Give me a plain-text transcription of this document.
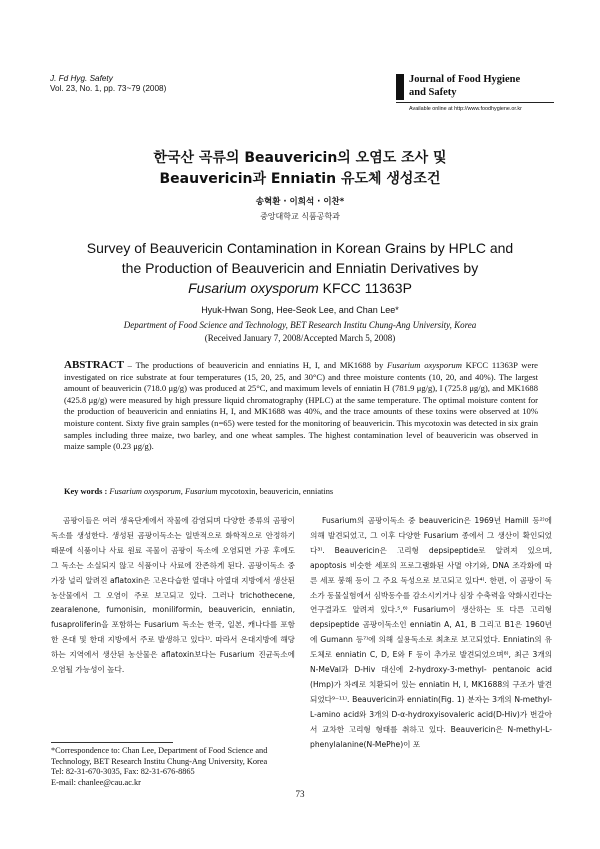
J. Fd Hyg. Safety
Vol. 23, No. 1, pp. 73~79 (2008)
Journal of Food Hygiene
and Safety
Available online at http://www.foodhygiene.or.kr
한국산 곡류의 Beauvericin의 오염도 조사 및
Beauvericin과 Enniatin 유도체 생성조건
송혁환 · 이희석 · 이찬*
중앙대학교 식품공학과
Survey of Beauvericin Contamination in Korean Grains by HPLC and
the Production of Beauvericin and Enniatin Derivatives by
Fusarium oxysporum KFCC 11363P
Hyuk-Hwan Song, Hee-Seok Lee, and Chan Lee*
Department of Food Science and Technology, BET Research Institu Chung-Ang University, Korea
(Received January 7, 2008/Accepted March 5, 2008)
ABSTRACT – The productions of beauvericin and enniatins H, I, and MK1688 by Fusarium oxysporum KFCC 11363P were investigated on rice substrate at four temperatures (15, 20, 25, and 30°C) and three moisture contents (10, 20, and 40%). The largest amount of beauvericin (718.0 μg/g) was produced at 25°C, and maximum levels of enniatin H (781.9 μg/g), I (725.8 μg/g), and MK1688 (425.8 μg/g) were measured by high pressure liquid chromatography (HPLC) at the same temperature. The optimal moisture content for the production of beauvericin and enniatins H, I, and MK1688 was 40%, and the trace amounts of these toxins were observed at 10% moisture content. Sixty five grain samples (n=65) were tested for the monitoring of beauvericin. This mycotoxin was detected in six grain samples including three maize, two barley, and one wheat samples. The highest contamination level of beauvericin was observed in maize sample (0.23 μg/g).
Key words : Fusarium oxysporum, Fusarium mycotoxin, beauvericin, enniatins

곰팡이들은 여러 생육단계에서 작물에 감염되며 다양한 종류의 곰팡이독소를 생성한다. 생성된 곰팡이독소는 일반적으로 화학적으로 안정하기 때문에 식품이나 사료 원료 곡물이 곰팡이 독소에 오염되면 가공 후에도 그 독소는 소실되지 않고 식품이나 사료에 잔존하게 된다. 곰팡이독소 중 가장 널리 알려진 aflatoxin은 고온다습한 열대나 아열대 지방에서 생산된 농산물에서 그 오염이 주로 보고되고 있다. 그러나 trichothecene, zearalenone, fumonisin, moniliformin, beauvericin, enniatin, fusaproliferin을 포함하는 Fusarium 독소는 한국, 일본, 캐나다를 포함한 온대 및 한대 지방에서 주로 발생하고 있다¹⁾. 따라서 온대지방에 해당하는 지역에서 생산된 농산물은 aflatoxin보다는 Fusarium 진균독소에 오염될 가능성이 높다.

Fusarium의 곰팡이독소 중 beauvericin은 1969년 Hamill 등²⁾에 의해 발견되었고, 그 이후 다양한 Fusarium 종에서 그 생산이 확인되었다³⁾. Beauvericin은 고리형 depsipeptide로 알려져 있으며, apoptosis 비슷한 세포의 프로그램화된 사멸 야기와, DNA 조각화에 따른 세포 붕해 등이 그 주요 독성으로 보고되고 있다⁴⁾. 한편, 이 곰팡이 독소가 동물실험에서 심박동수를 감소시키거나 심장 수축력을 약화시킨다는 연구결과도 알려져 있다.⁵,⁶⁾ Fusarium이 생산하는 또 다른 고리형 depsipeptide 곰팡이독소인 enniatin A, A1, B 그리고 B1은 1960년에 Gumann 등⁷⁾에 의해 실용독소로 최초로 보고되었다. Enniatin의 유도체로 enniatin C, D, E와 F 등이 추가로 발견되었으며⁸⁾, 최근 3개의 N-MeVal과 D-Hiv 대신에 2-hydroxy-3-methyl- pentanoic acid (Hmp)가 차례로 치환되어 있는 enniatin H, I, MK1688의 구조가 발견되었다⁹⁻¹¹⁾. Beauvericin과 enniatin(Fig. 1) 분자는 3개의 N-methyl-L-amino acid와 3개의 D-α-hydroxyisovaleric acid(D-Hiv)가 번갈아서 교차한 고리형 형태를 취하고 있다. Beauvericin은 N-methyl-L-phenylalanine(N-MePhe)이 포

*Correspondence to: Chan Lee, Department of Food Science and Technology, BET Research Institu Chung-Ang University, Korea
Tel: 82-31-670-3035, Fax: 82-31-676-8865
E-mail: chanlee@cau.ac.kr
73
